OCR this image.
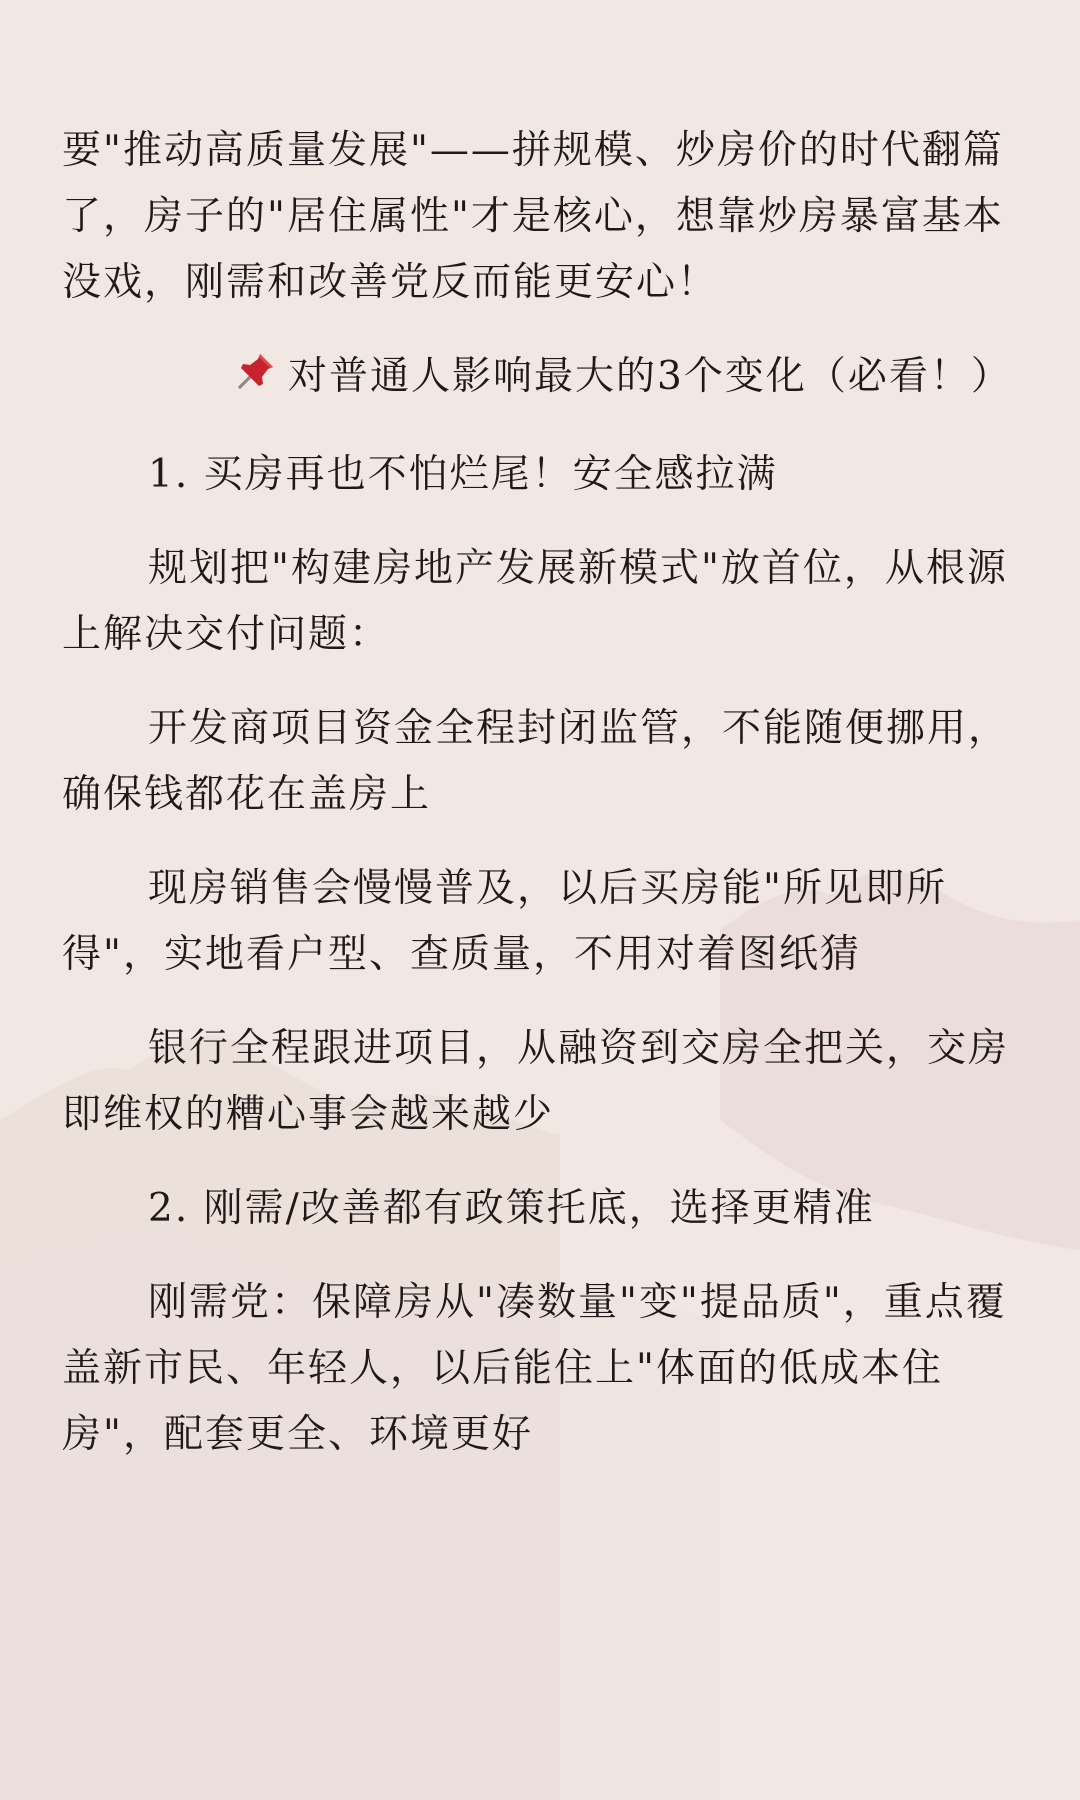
要"推动高质量发展"——拼规模、炒房价的时代翻篇了，房子的"居住属性"才是核心，想靠炒房暴富基本没戏，刚需和改善党反而能更安心！

对普通人影响最大的3个变化（必看！）

1. 买房再也不怕烂尾！安全感拉满

规划把"构建房地产发展新模式"放首位，从根源上解决交付问题：

开发商项目资金全程封闭监管，不能随便挪用，确保钱都花在盖房上

现房销售会慢慢普及，以后买房能"所见即所得"，实地看户型、查质量，不用对着图纸猜

银行全程跟进项目，从融资到交房全把关，交房即维权的糟心事会越来越少

2. 刚需/改善都有政策托底，选择更精准

刚需党：保障房从"凑数量"变"提品质"，重点覆盖新市民、年轻人，以后能住上"体面的低成本住房"，配套更全、环境更好
